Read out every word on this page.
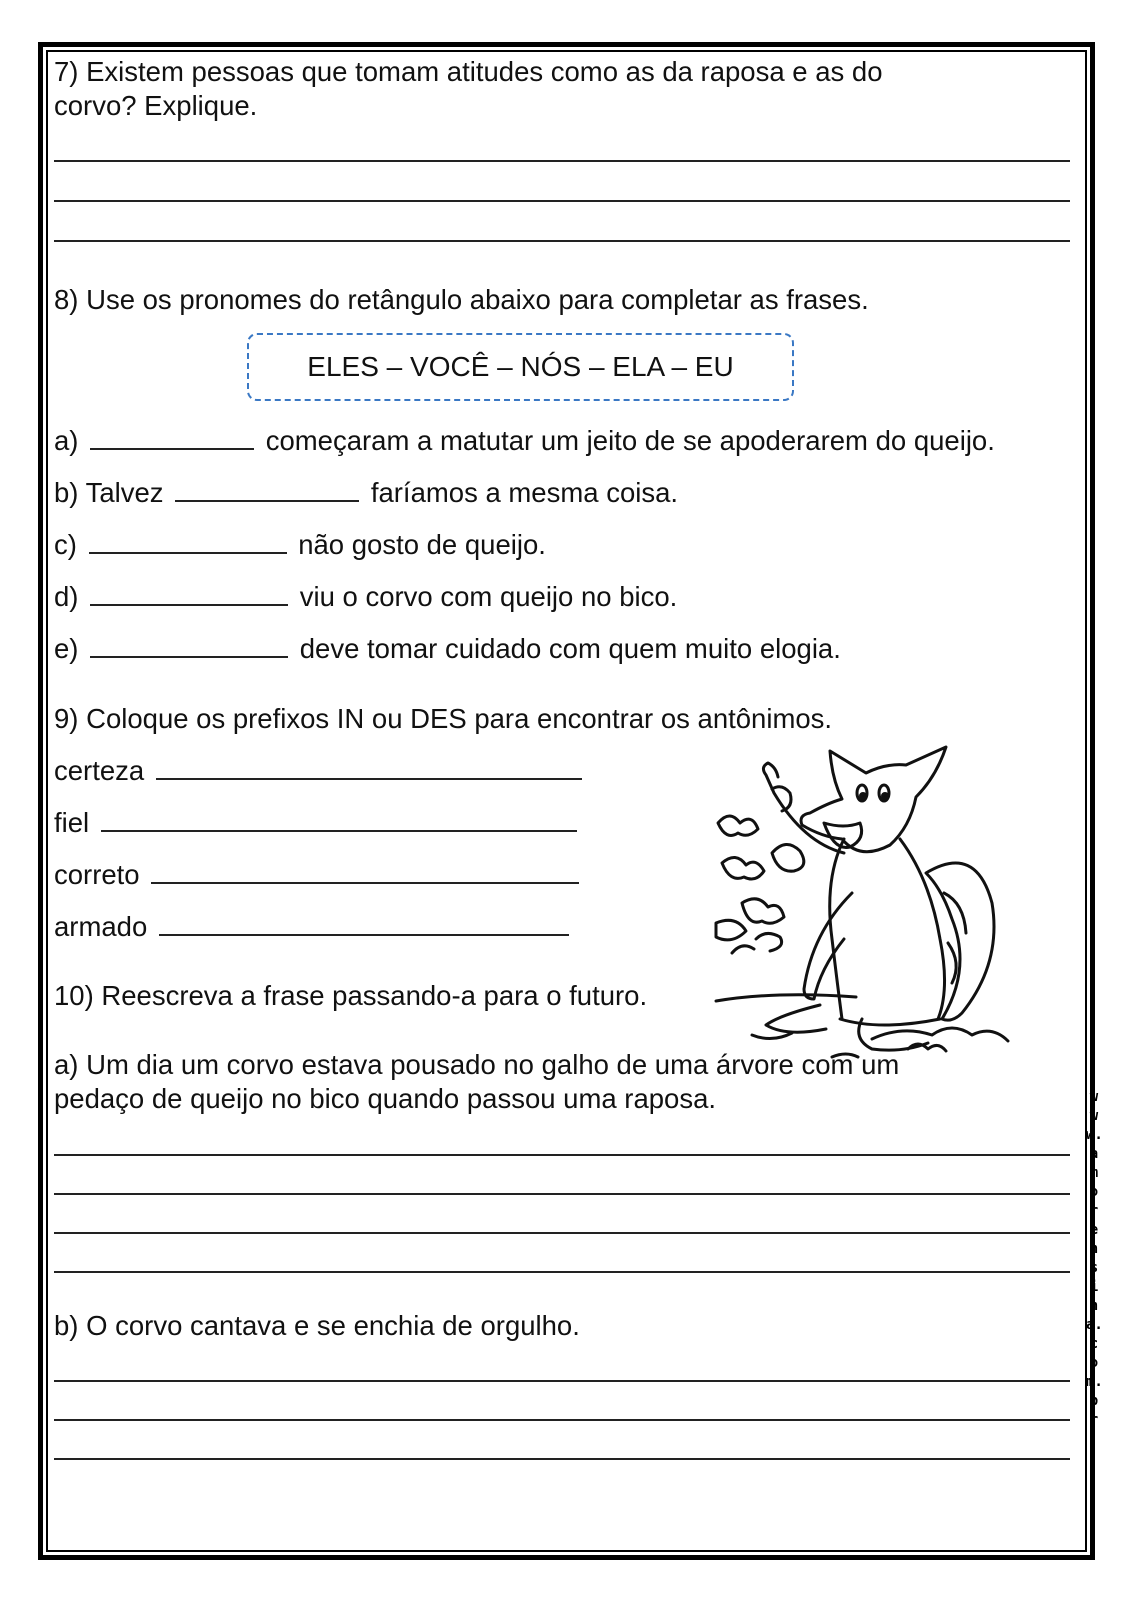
7) Existem pessoas que tomam atitudes como as da raposa e as do
corvo? Explique.
8) Use os pronomes do retângulo abaixo para completar as frases.
ELES – VOCÊ – NÓS – ELA – EU
a)	começaram a matutar um jeito de se apoderarem do queijo.
b) Talvez	faríamos a mesma coisa.
c)	não gosto de queijo.
d)	viu o corvo com queijo no bico.
e)	deve tomar cuidado com quem muito elogia.
9) Coloque os prefixos IN ou DES para encontrar os antônimos.
certeza
fiel
correto
armado
10) Reescreva a frase passando-a para o futuro.
a) Um dia um corvo estava pousado no galho de uma árvore com um
pedaço de queijo no bico quando passou uma raposa.
b) O corvo cantava e se enchia de orgulho.
www.amorensina.com.br
